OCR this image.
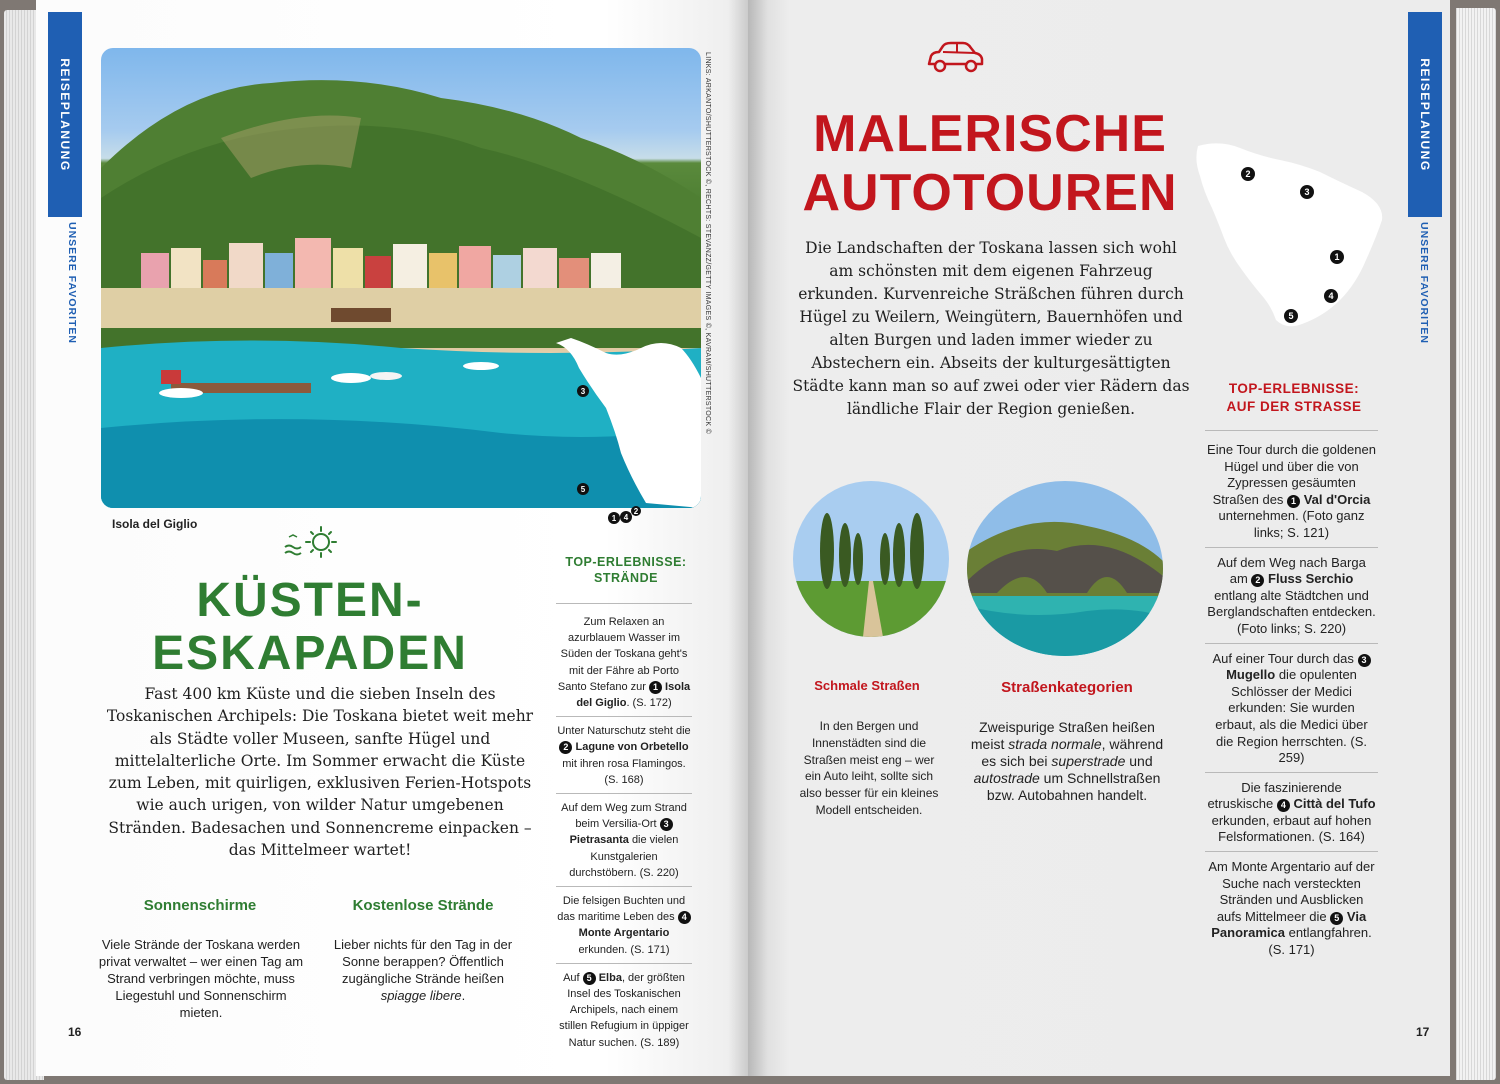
REISEPLANUNG
UNSERE FAVORITEN
3
5
1 4
2
LINKS: ARKANTO/SHUTTERSTOCK ©, RECHTS: STEVANZZ/GETTY IMAGES ©, KAVRAM/SHUTTERSTOCK ©
Isola del Giglio
KÜSTEN-
ESKAPADEN

Fast 400 km Küste und die sieben Inseln des Toskanischen Archipels: Die Toskana bietet weit mehr als Städte voller Museen, sanfte Hügel und mittelalterliche Orte. Im Sommer erwacht die Küste zum Leben, mit quirligen, exklusiven Ferien-Hotspots wie auch urigen, von wilder Natur umgebenen Stränden. Badesachen und Sonnencreme einpacken – das Mittelmeer wartet!

Sonnenschirme

Viele Strände der Toskana werden privat verwaltet – wer einen Tag am Strand verbringen möchte, muss Liegestuhl und Sonnenschirm mieten.

Kostenlose Strände

Lieber nichts für den Tag in der Sonne berappen? Öffentlich zugängliche Strände heißen spiagge libere.

TOP-ERLEBNISSE:
STRÄNDE
Zum Relaxen an azurblauem Wasser im Süden der Toskana geht's mit der Fähre ab Porto Santo Stefano zur 1 Isola del Giglio. (S. 172)
Unter Naturschutz steht die 2 Lagune von Orbetello mit ihren rosa Flamingos. (S. 168)
Auf dem Weg zum Strand beim Versilia-Ort 3 Pietrasanta die vielen Kunstgalerien durchstöbern. (S. 220)
Die felsigen Buchten und das maritime Leben des 4 Monte Argentario erkunden. (S. 171)
Auf 5 Elba, der größten Insel des Toskanischen Archipels, nach einem stillen Refugium in üppiger Natur suchen. (S. 189)
16
REISEPLANUNG
UNSERE FAVORITEN
MALERISCHE
AUTOTOUREN

Die Landschaften der Toskana lassen sich wohl am schönsten mit dem eigenen Fahrzeug erkunden. Kurvenreiche Sträßchen führen durch Hügel zu Weilern, Weingütern, Bauernhöfen und alten Burgen und laden immer wieder zu Abstechern ein. Abseits der kulturgesättigten Städte kann man so auf zwei oder vier Rädern das ländliche Flair der Region genießen.

2
3
1
4
5
Schmale Straßen

In den Bergen und Innenstädten sind die Straßen meist eng – wer ein Auto leiht, sollte sich also besser für ein kleines Modell entscheiden.

Straßenkategorien

Zweispurige Straßen heißen meist strada normale, während es sich bei superstrade und autostrade um Schnellstraßen bzw. Autobahnen handelt.

TOP-ERLEBNISSE:
AUF DER STRASSE
Eine Tour durch die goldenen Hügel und über die von Zypressen gesäumten Straßen des 1 Val d'Orcia unternehmen. (Foto ganz links; S. 121)
Auf dem Weg nach Barga am 2 Fluss Serchio entlang alte Städtchen und Berglandschaften entdecken. (Foto links; S. 220)
Auf einer Tour durch das 3 Mugello die opulenten Schlösser der Medici erkunden: Sie wurden erbaut, als die Medici über die Region herrschten. (S. 259)
Die faszinierende etruskische 4 Città del Tufo erkunden, erbaut auf hohen Felsformationen. (S. 164)
Am Monte Argentario auf der Suche nach versteckten Stränden und Ausblicken aufs Mittelmeer die 5 Via Panoramica entlangfahren. (S. 171)
17
